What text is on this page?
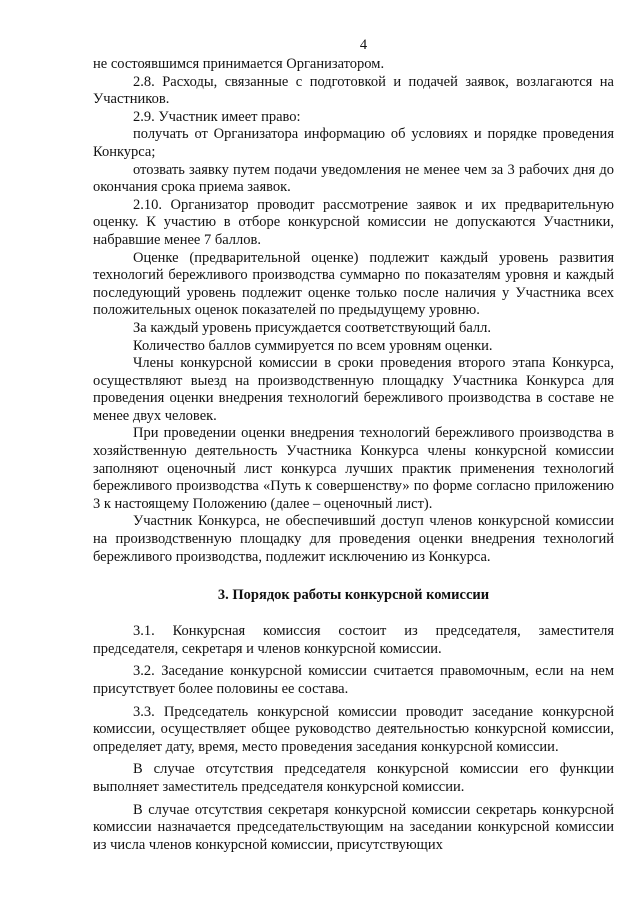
4

не состоявшимся принимается Организатором.

2.8. Расходы, связанные с подготовкой и подачей заявок, возлагаются на Участников.

2.9. Участник имеет право:

получать от Организатора информацию об условиях и порядке проведения Конкурса;

отозвать заявку путем подачи уведомления не менее чем за 3 рабочих дня до окончания срока приема заявок.

2.10. Организатор проводит рассмотрение заявок и их предварительную оценку. К участию в отборе конкурсной комиссии не допускаются Участники, набравшие менее 7 баллов.

Оценке (предварительной оценке) подлежит каждый уровень развития технологий бережливого производства суммарно по показателям уровня и каждый последующий уровень подлежит оценке только после наличия у Участника всех положительных оценок показателей по предыдущему уровню.

За каждый уровень присуждается соответствующий балл.

Количество баллов суммируется по всем уровням оценки.

Члены конкурсной комиссии в сроки проведения второго этапа Конкурса, осуществляют выезд на производственную площадку Участника Конкурса для проведения оценки внедрения технологий бережливого производства в составе не менее двух человек.

При проведении оценки внедрения технологий бережливого производства в хозяйственную деятельность Участника Конкурса члены конкурсной комиссии заполняют оценочный лист конкурса лучших практик применения технологий бережливого производства «Путь к совершенству» по форме согласно приложению 3 к настоящему Положению (далее – оценочный лист).

Участник Конкурса, не обеспечивший доступ членов конкурсной комиссии на производственную площадку для проведения оценки внедрения технологий бережливого производства, подлежит исключению из Конкурса.

3. Порядок работы конкурсной комиссии

3.1. Конкурсная комиссия состоит из председателя, заместителя председателя, секретаря и членов конкурсной комиссии.

3.2. Заседание конкурсной комиссии считается правомочным, если на нем присутствует более половины ее состава.

3.3. Председатель конкурсной комиссии проводит заседание конкурсной комиссии, осуществляет общее руководство деятельностью конкурсной комиссии, определяет дату, время, место проведения заседания конкурсной комиссии.

В случае отсутствия председателя конкурсной комиссии его функции выполняет заместитель председателя конкурсной комиссии.

В случае отсутствия секретаря конкурсной комиссии секретарь конкурсной комиссии назначается председательствующим на заседании конкурсной комиссии из числа членов конкурсной комиссии, присутствующих
